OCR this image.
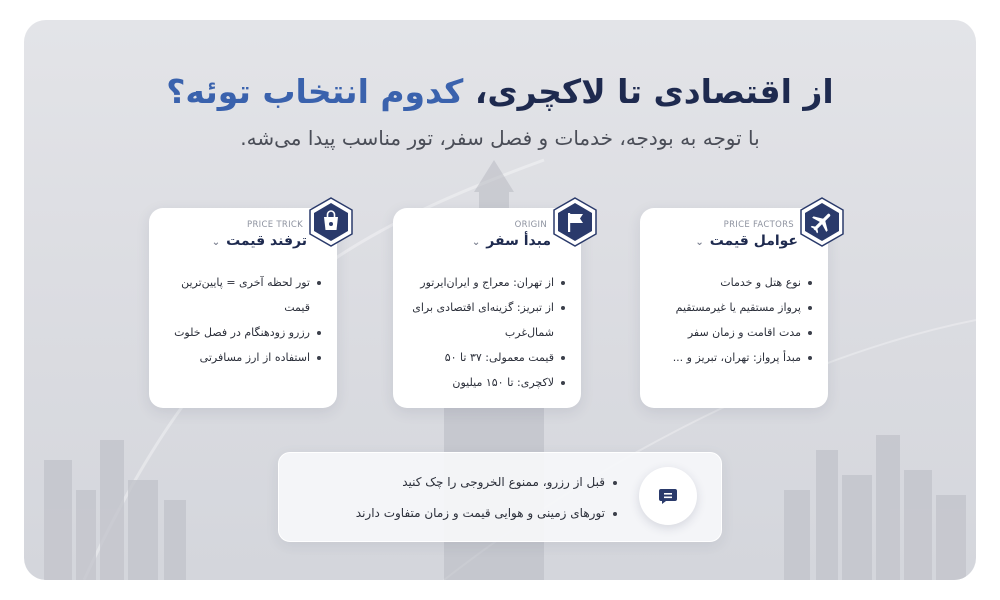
از اقتصادی تا لاکچری، کدوم انتخاب توئه؟

با توجه به بودجه، خدمات و فصل سفر، تور مناسب پیدا می‌شه.

PRICE TRICK
ترفند قیمت⌄
تور لحظه آخری = پایین‌ترین قیمت
رزرو زودهنگام در فصل خلوت
استفاده از ارز مسافرتی
ORIGIN
مبدأ سفر⌄
از تهران: معراج و ایران‌ایرتور
از تبریز: گزینه‌ای اقتصادی برای شمال‌غرب
قیمت معمولی: ۳۷ تا ۵۰
لاکچری: تا ۱۵۰ میلیون
PRICE FACTORS
عوامل قیمت⌄
نوع هتل و خدمات
پرواز مستقیم یا غیرمستقیم
مدت اقامت و زمان سفر
مبدأ پرواز: تهران، تبریز و ...
قبل از رزرو، ممنوع الخروجی را چک کنید
تورهای زمینی و هوایی قیمت و زمان متفاوت دارند
